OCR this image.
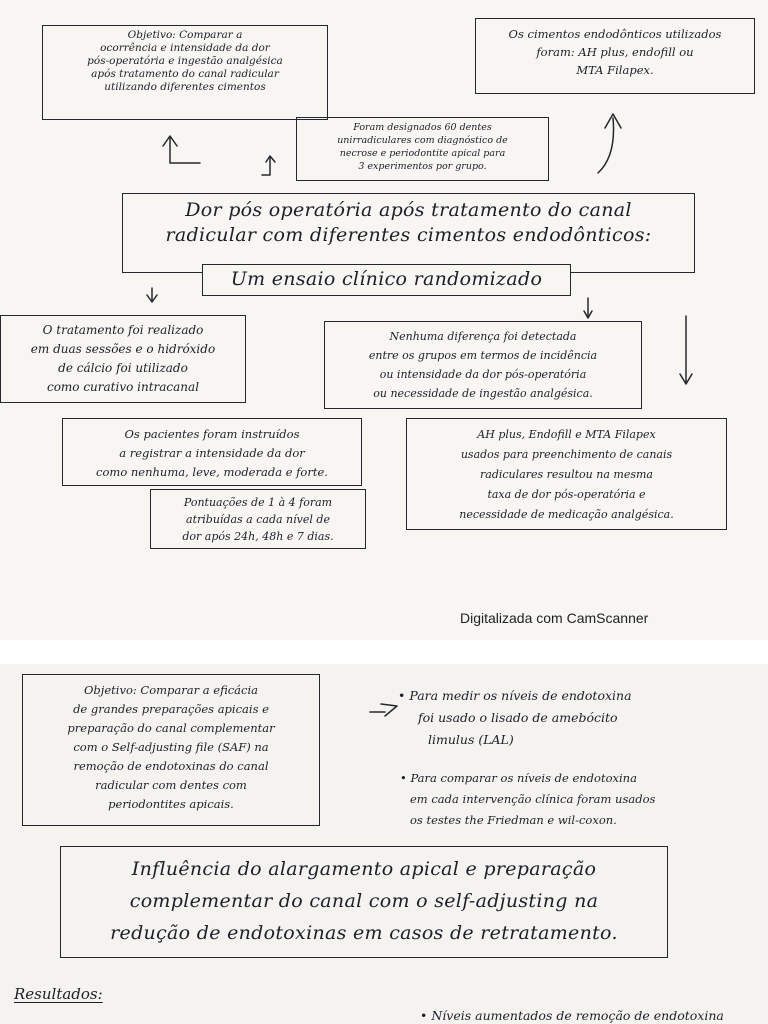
Objetivo: Comparar a
ocorrência e intensidade da dor
pós-operatória e ingestão analgésica
após tratamento do canal radicular
utilizando diferentes cimentos
Os cimentos endodônticos utilizados
foram: AH plus, endofill ou
MTA Filapex.
Foram designados 60 dentes
unirradiculares com diagnóstico de
necrose e periodontite apical para
3 experimentos por grupo.
Dor pós operatória após tratamento do canal
radicular com diferentes cimentos endodônticos:
Um ensaio clínico randomizado
O tratamento foi realizado
em duas sessões e o hidróxido
de cálcio foi utilizado
como curativo intracanal
Nenhuma diferença foi detectada
entre os grupos em termos de incidência
ou intensidade da dor pós-operatória
ou necessidade de ingestão analgésica.
Os pacientes foram instruídos
a registrar a intensidade da dor
como nenhuma, leve, moderada e forte.
Pontuações de 1 à 4 foram
atribuídas a cada nível de
dor após 24h, 48h e 7 dias.
AH plus, Endofill e MTA Filapex
usados para preenchimento de canais
radiculares resultou na mesma
taxa de dor pós-operatória e
necessidade de medicação analgésica.
Digitalizada com CamScanner
Objetivo: Comparar a eficácia
de grandes preparações apicais e
preparação do canal complementar
com o Self-adjusting file (SAF) na
remoção de endotoxinas do canal
radicular com dentes com
periodontites apicais.
• Para medir os níveis de endotoxina
foi usado o lisado de amebócito
limulus (LAL)
• Para comparar os níveis de endotoxina
em cada intervenção clínica foram usados
os testes the Friedman e wil-coxon.
Influência do alargamento apical e preparação
complementar do canal com o self-adjusting na
redução de endotoxinas em casos de retratamento.
Resultados:
• Níveis aumentados de remoção de endotoxina
